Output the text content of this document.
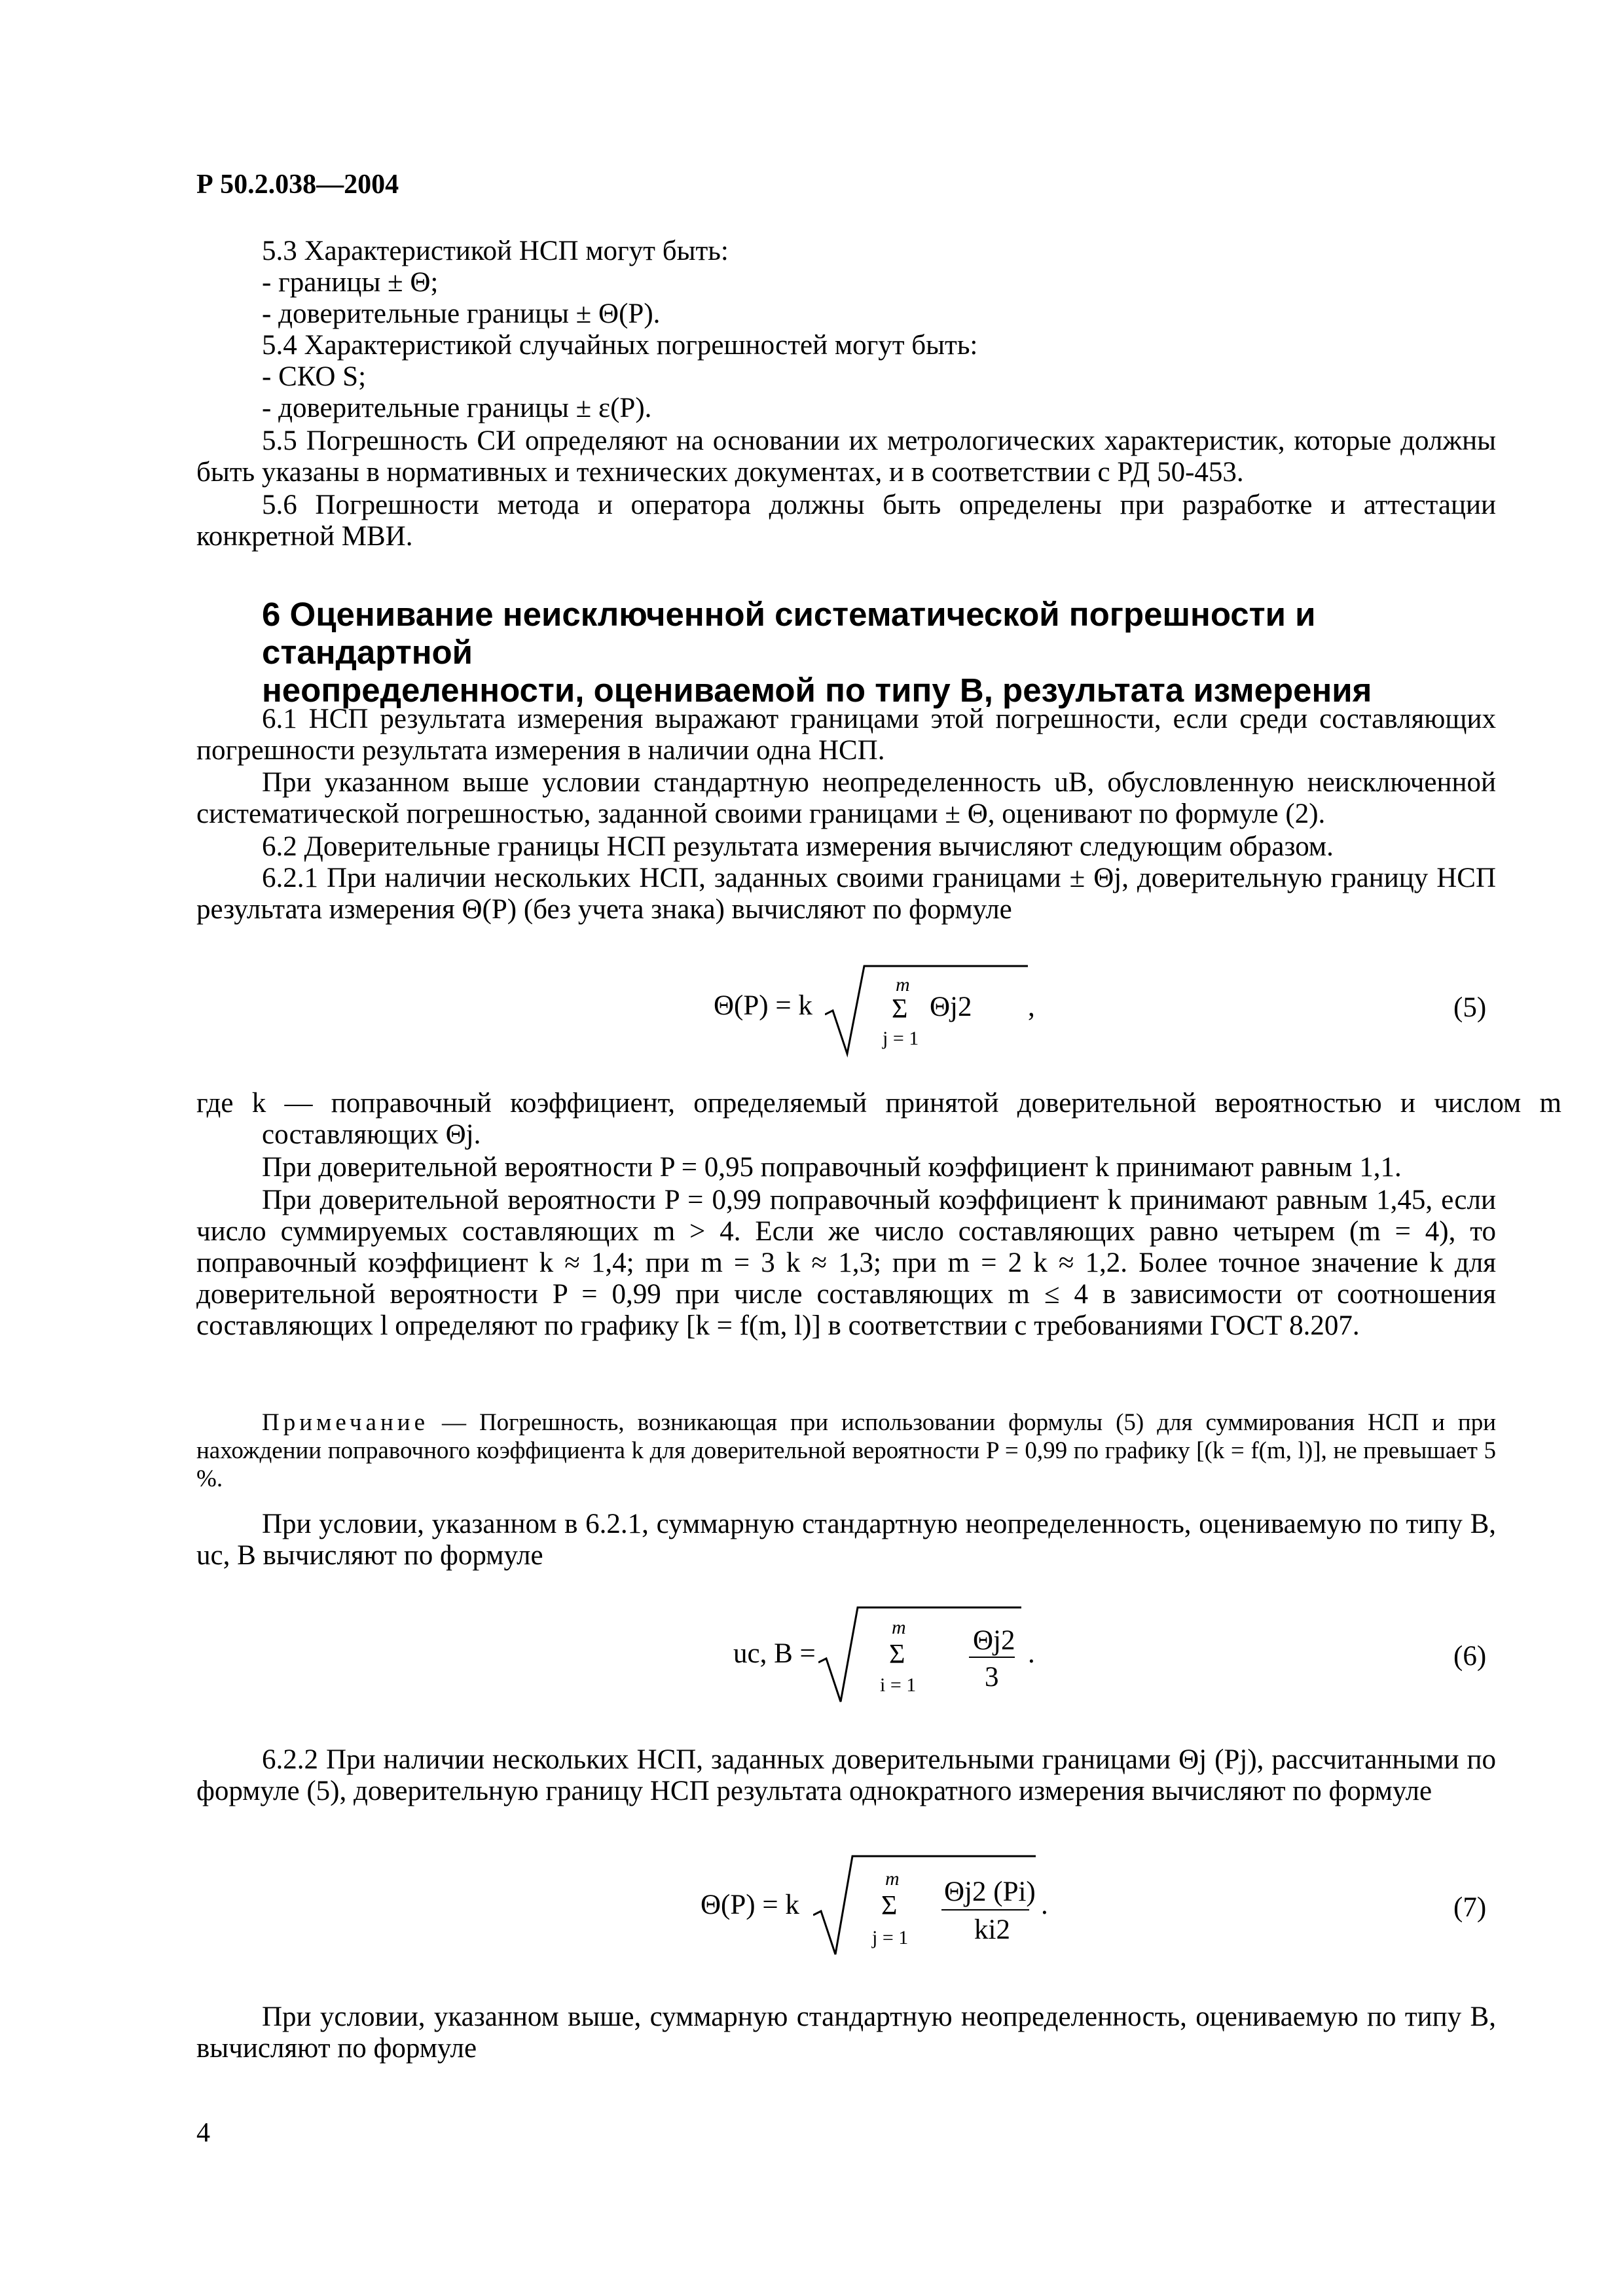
Р 50.2.038—2004
5.3 Характеристикой НСП могут быть:
- границы ± Θ;
- доверительные границы ± Θ(P).
5.4 Характеристикой случайных погрешностей могут быть:
- СКО S;
- доверительные границы ± ε(P).
5.5 Погрешность СИ определяют на основании их метрологических характеристик, которые должны быть указаны в нормативных и технических документах, и в соответствии с РД 50-453.
5.6 Погрешности метода и оператора должны быть определены при разработке и аттестации конкретной МВИ.
6 Оценивание неисключенной систематической погрешности и стандартной
неопределенности, оцениваемой по типу В, результата измерения
6.1 НСП результата измерения выражают границами этой погрешности, если среди составляющих погрешности результата измерения в наличии одна НСП.
При указанном выше условии стандартную неопределенность uB, обусловленную неисключенной систематической погрешностью, заданной своими границами ± Θ, оценивают по формуле (2).
6.2 Доверительные границы НСП результата измерения вычисляют следующим образом.
6.2.1 При наличии нескольких НСП, заданных своими границами ± Θj, доверительную границу НСП результата измерения Θ(P) (без учета знака) вычисляют по формуле
Θ(P) = k
m
Σ
j = 1
Θj2 ,	(5)
где k — поправочный коэффициент, определяемый принятой доверительной вероятностью и числом m составляющих Θj.
При доверительной вероятности P = 0,95 поправочный коэффициент k принимают равным 1,1.
При доверительной вероятности P = 0,99 поправочный коэффициент k принимают равным 1,45, если число суммируемых составляющих m > 4. Если же число составляющих равно четырем (m = 4), то поправочный коэффициент k ≈ 1,4; при m = 3 k ≈ 1,3; при m = 2 k ≈ 1,2. Более точное значение k для доверительной вероятности P = 0,99 при числе составляющих m ≤ 4 в зависимости от соотношения составляющих l определяют по графику [k = f(m, l)] в соответствии с требованиями ГОСТ 8.207.
Примечание — Погрешность, возникающая при использовании формулы (5) для суммирования НСП и при нахождении поправочного коэффициента k для доверительной вероятности P = 0,99 по графику [(k = f(m, l)], не превышает 5 %.
При условии, указанном в 6.2.1, суммарную стандартную неопределенность, оцениваемую по типу В, uc, B вычисляют по формуле
uc, B =
m
Σ
i = 1
Θj2
3
.	(6)
6.2.2 При наличии нескольких НСП, заданных доверительными границами Θj (Pj), рассчитанными по формуле (5), доверительную границу НСП результата однократного измерения вычисляют по формуле
Θ(P) = k
m
Σ
j = 1
Θj2 (Pi)
ki2
.	(7)
При условии, указанном выше, суммарную стандартную неопределенность, оцениваемую по типу В, вычисляют по формуле
4
